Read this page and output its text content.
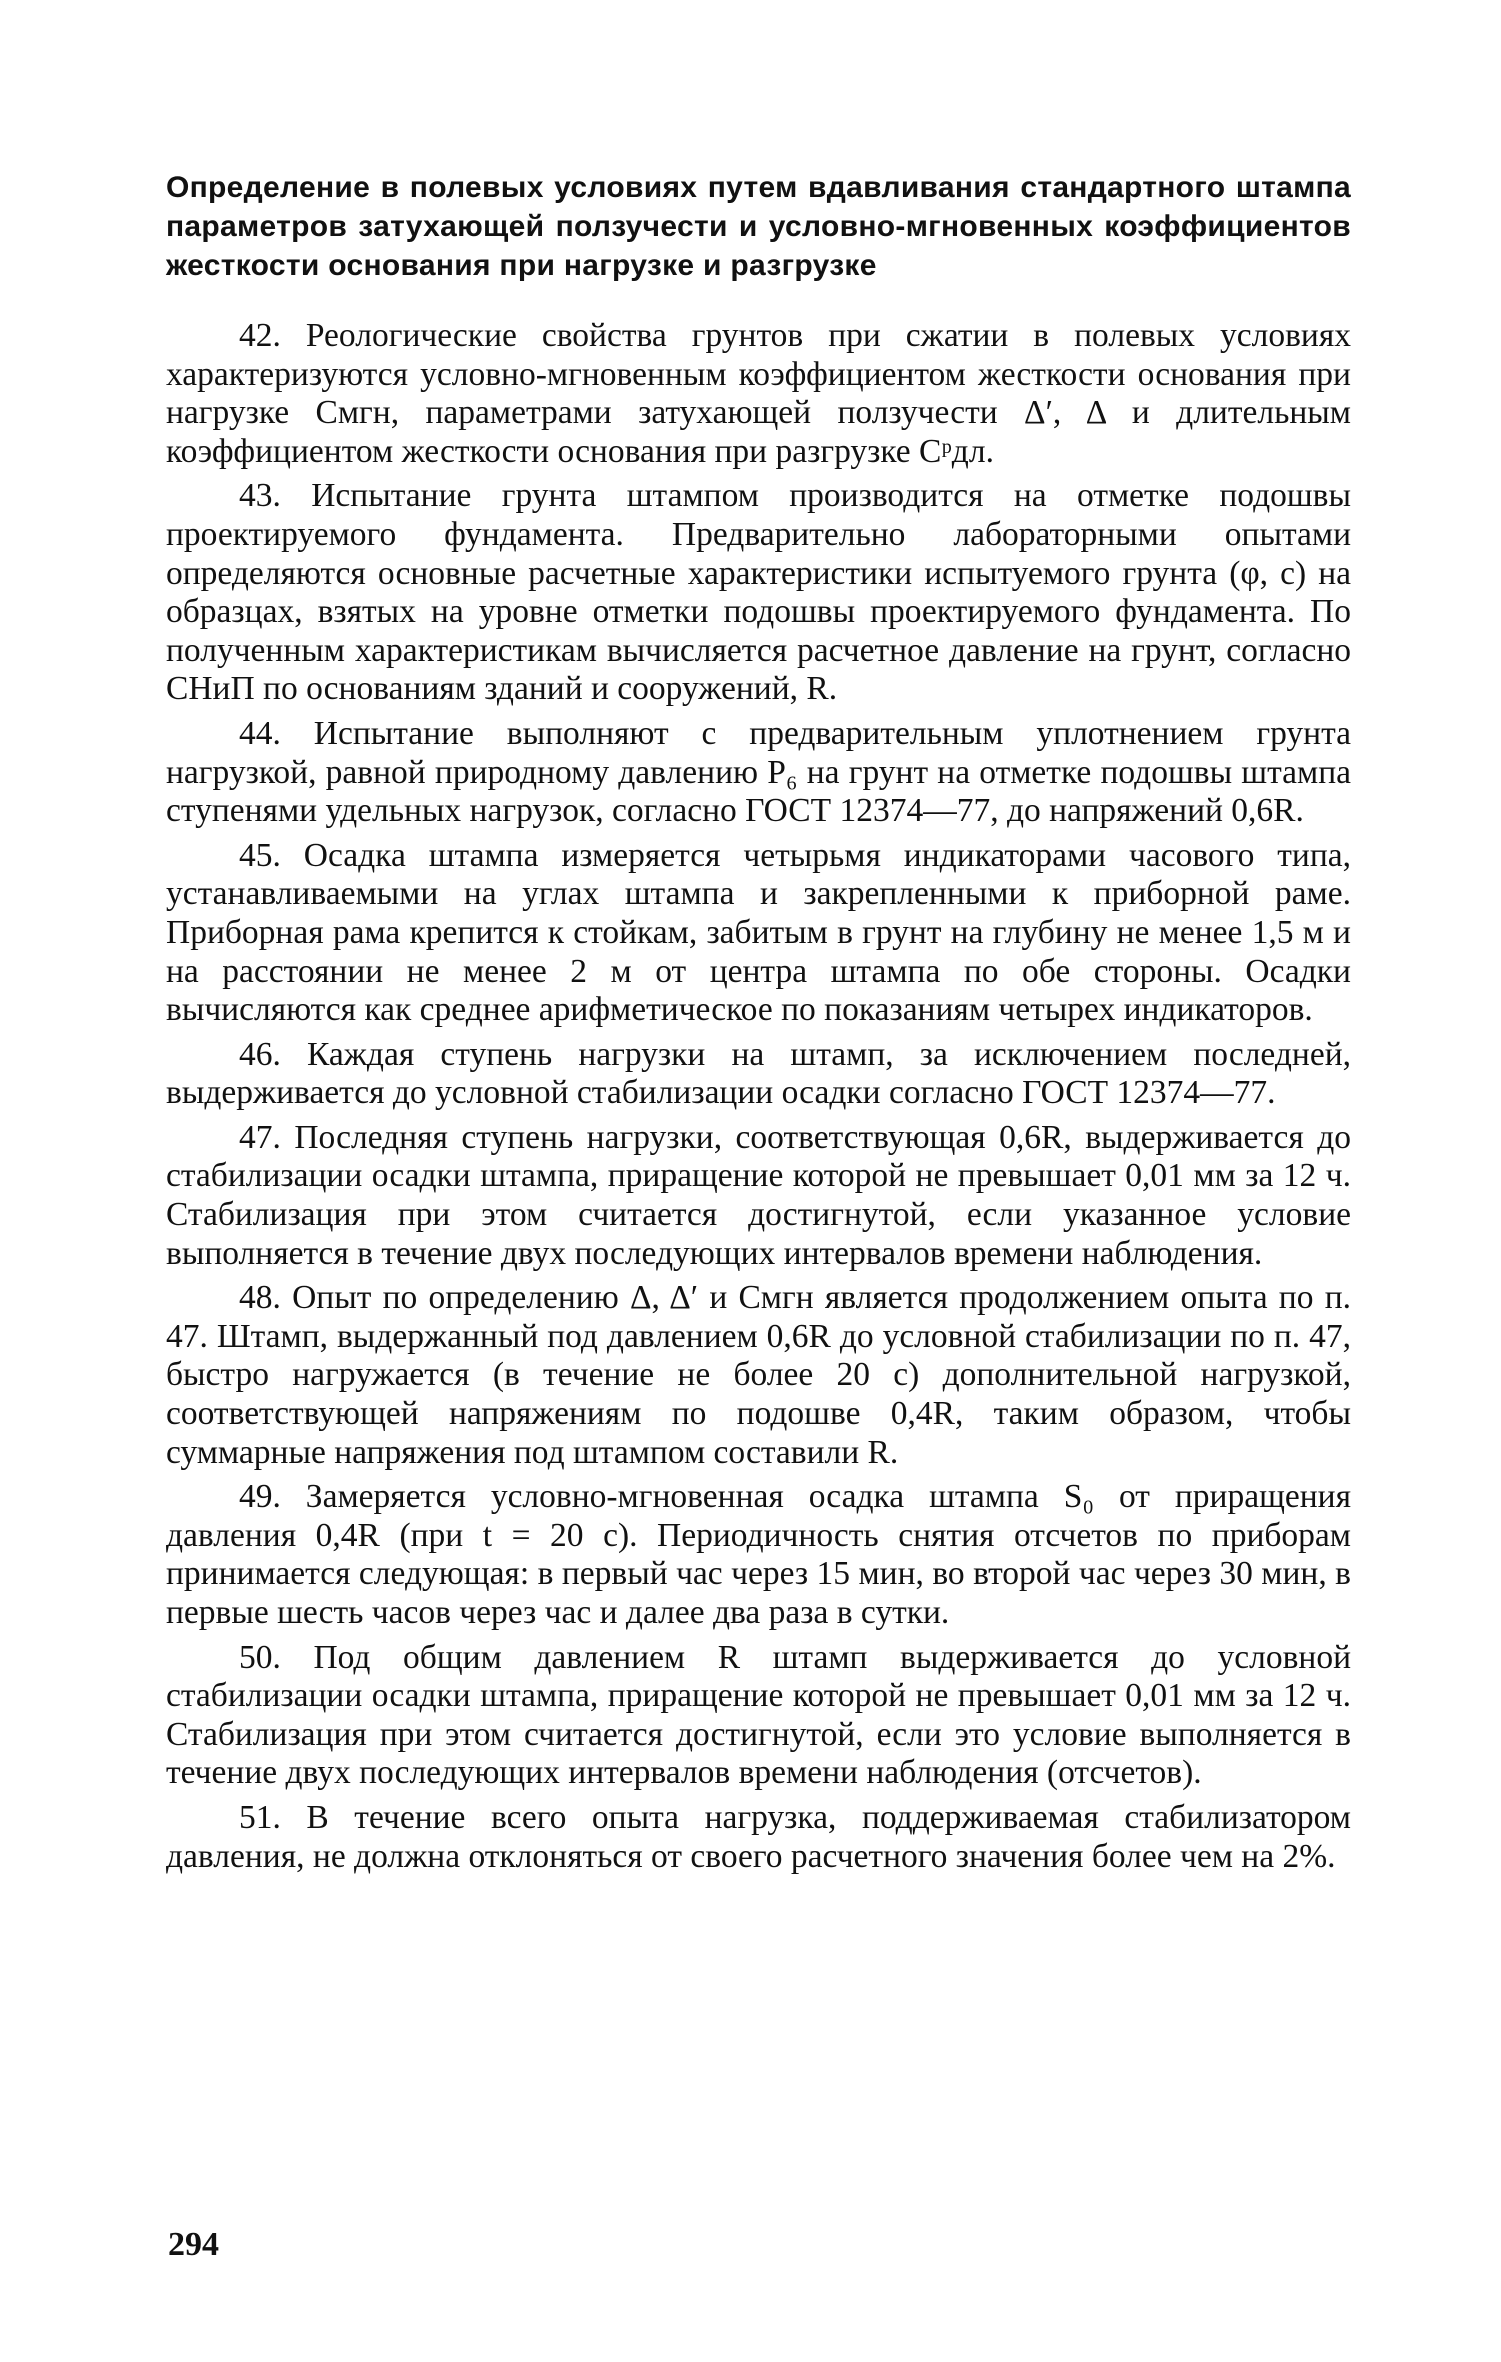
Определение в полевых условиях путем вдавливания стандартного штампа параметров затухающей ползучести и условно-мгновенных коэффициентов жесткости основания при нагрузке и разгрузке

42. Реологические свойства грунтов при сжатии в полевых условиях характеризуются условно-мгновенным коэффициентом жесткости основания при нагрузке Cмгн, параметрами затухающей ползучести Δ′, Δ и длительным коэффициентом жесткости основания при разгрузке Cᵖдл.

43. Испытание грунта штампом производится на отметке подошвы проектируемого фундамента. Предварительно лабораторными опытами определяются основные расчетные характеристики испытуемого грунта (φ, c) на образцах, взятых на уровне отметки подошвы проектируемого фундамента. По полученным характеристикам вычисляется расчетное давление на грунт, согласно СНиП по основаниям зданий и сооружений, R.

44. Испытание выполняют с предварительным уплотнением грунта нагрузкой, равной природному давлению P₆ на грунт на отметке подошвы штампа ступенями удельных нагрузок, согласно ГОСТ 12374—77, до напряжений 0,6R.

45. Осадка штампа измеряется четырьмя индикаторами часового типа, устанавливаемыми на углах штампа и закрепленными к приборной раме. Приборная рама крепится к стойкам, забитым в грунт на глубину не менее 1,5 м и на расстоянии не менее 2 м от центра штампа по обе стороны. Осадки вычисляются как среднее арифметическое по показаниям четырех индикаторов.

46. Каждая ступень нагрузки на штамп, за исключением последней, выдерживается до условной стабилизации осадки согласно ГОСТ 12374—77.

47. Последняя ступень нагрузки, соответствующая 0,6R, выдерживается до стабилизации осадки штампа, приращение которой не превышает 0,01 мм за 12 ч. Стабилизация при этом считается достигнутой, если указанное условие выполняется в течение двух последующих интервалов времени наблюдения.

48. Опыт по определению Δ, Δ′ и Cмгн является продолжением опыта по п. 47. Штамп, выдержанный под давлением 0,6R до условной стабилизации по п. 47, быстро нагружается (в течение не более 20 с) дополнительной нагрузкой, соответствующей напряжениям по подошве 0,4R, таким образом, чтобы суммарные напряжения под штампом составили R.

49. Замеряется условно-мгновенная осадка штампа S₀ от приращения давления 0,4R (при t = 20 с). Периодичность снятия отсчетов по приборам принимается следующая: в первый час через 15 мин, во второй час через 30 мин, в первые шесть часов через час и далее два раза в сутки.

50. Под общим давлением R штамп выдерживается до условной стабилизации осадки штампа, приращение которой не превышает 0,01 мм за 12 ч. Стабилизация при этом считается достигнутой, если это условие выполняется в течение двух последующих интервалов времени наблюдения (отсчетов).

51. В течение всего опыта нагрузка, поддерживаемая стабилизатором давления, не должна отклоняться от своего расчетного значения более чем на 2%.

294
